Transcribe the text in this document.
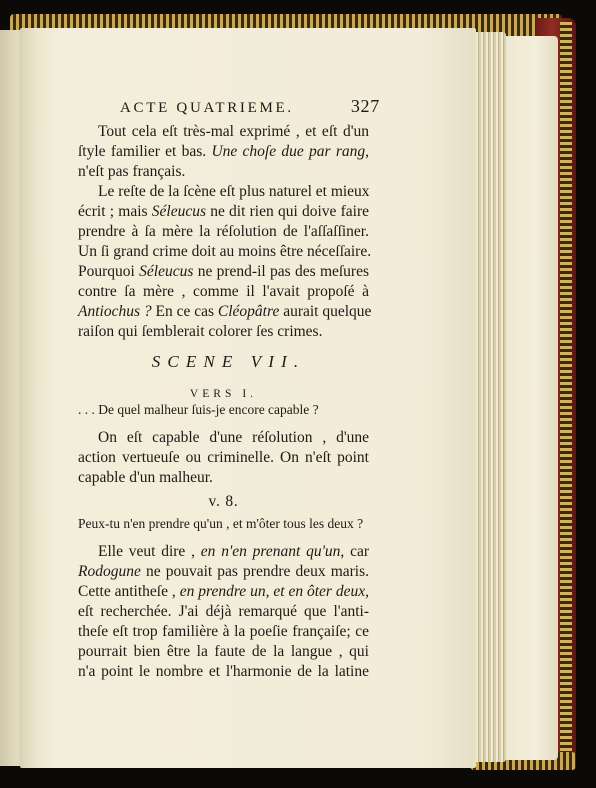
ACTE QUATRIEME.	327
Tout cela eſt très-mal exprimé , et eſt d'un
ſtyle familier et bas. Une choſe due par rang,
n'eſt pas français.
Le reſte de la ſcène eſt plus naturel et mieux
écrit ; mais Séleucus ne dit rien qui doive faire
prendre à ſa mère la réſolution de l'aſſaſſiner.
Un ſi grand crime doit au moins être néceſſaire.
Pourquoi Séleucus ne prend-il pas des meſures
contre ſa mère , comme il l'avait propoſé à
Antiochus ? En ce cas Cléopâtre aurait quelque
raiſon qui ſemblerait colorer ſes crimes.
SCENE VII.
VERS I.
. . . De quel malheur ſuis-je encore capable ?
On eſt capable d'une réſolution , d'une
action vertueuſe ou criminelle. On n'eſt point
capable d'un malheur.
v. 8.
Peux-tu n'en prendre qu'un , et m'ôter tous les deux ?
Elle veut dire , en n'en prenant qu'un, car
Rodogune ne pouvait pas prendre deux maris.
Cette antitheſe , en prendre un, et en ôter deux,
eſt recherchée. J'ai déjà remarqué que l'anti-
theſe eſt trop familière à la poeſie françaiſe; ce
pourrait bien être la faute de la langue , qui
n'a point le nombre et l'harmonie de la latine
